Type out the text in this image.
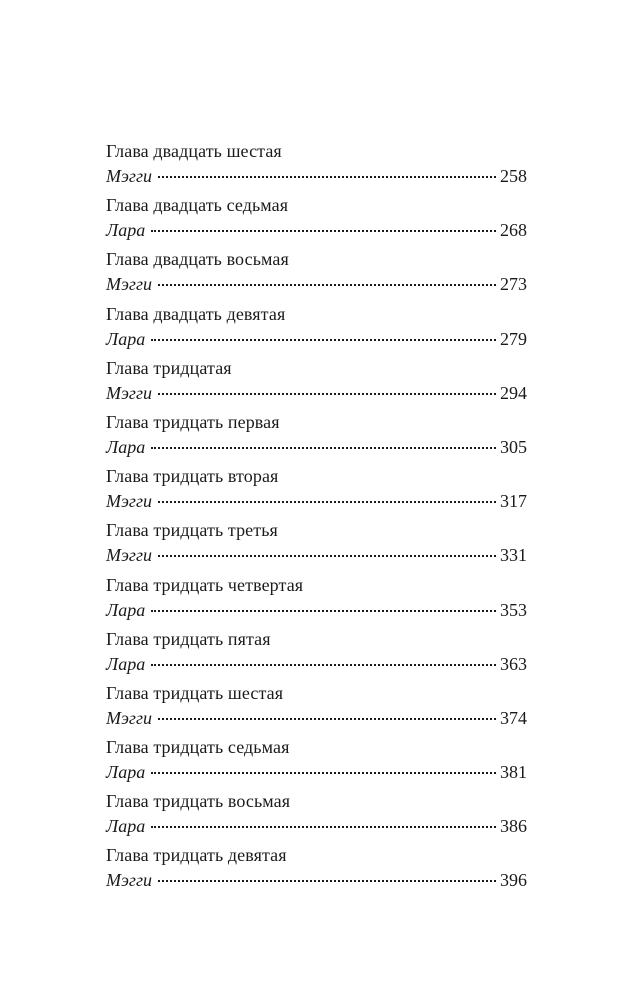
Глава двадцать шестая
Мэгги	258
Глава двадцать седьмая
Лара	268
Глава двадцать восьмая
Мэгги	273
Глава двадцать девятая
Лара	279
Глава тридцатая
Мэгги	294
Глава тридцать первая
Лара	305
Глава тридцать вторая
Мэгги	317
Глава тридцать третья
Мэгги	331
Глава тридцать четвертая
Лара	353
Глава тридцать пятая
Лара	363
Глава тридцать шестая
Мэгги	374
Глава тридцать седьмая
Лара	381
Глава тридцать восьмая
Лара	386
Глава тридцать девятая
Мэгги	396
